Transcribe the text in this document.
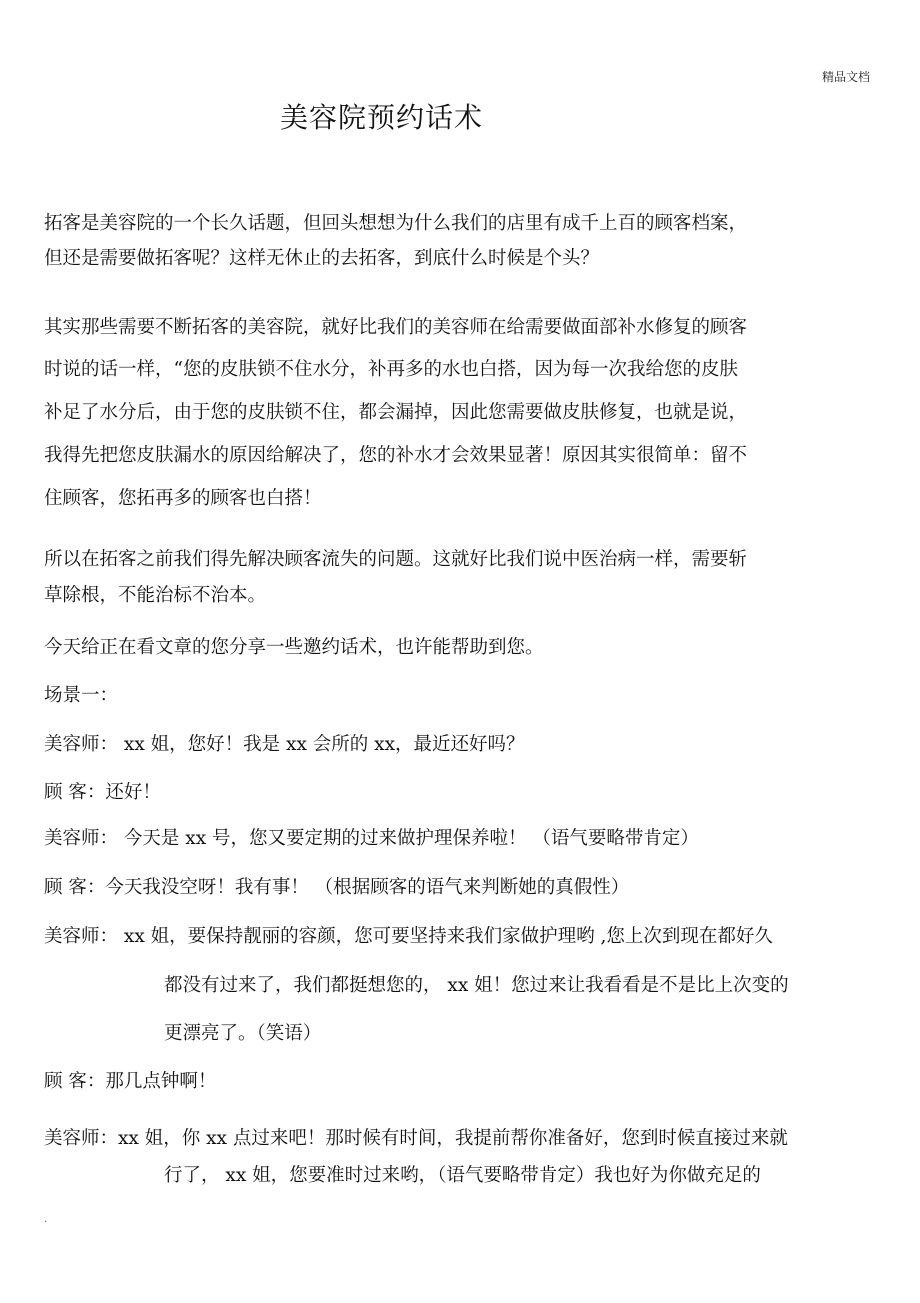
精品文档
美容院预约话术
拓客是美容院的一个长久话题，但回头想想为什么我们的店里有成千上百的顾客档案，
但还是需要做拓客呢？这样无休止的去拓客，到底什么时候是个头？
其实那些需要不断拓客的美容院，就好比我们的美容师在给需要做面部补水修复的顾客
时说的话一样，“您的皮肤锁不住水分，补再多的水也白搭，因为每一次我给您的皮肤
补足了水分后，由于您的皮肤锁不住，都会漏掉，因此您需要做皮肤修复，也就是说，
我得先把您皮肤漏水的原因给解决了，您的补水才会效果显著！原因其实很简单：留不
住顾客，您拓再多的顾客也白搭！
所以在拓客之前我们得先解决顾客流失的问题。这就好比我们说中医治病一样，需要斩
草除根，不能治标不治本。
今天给正在看文章的您分享一些邀约话术，也许能帮助到您。
场景一：
美容师： xx 姐，您好！我是 xx 会所的 xx，最近还好吗？
顾 客：还好！
美容师： 今天是 xx 号，您又要定期的过来做护理保养啦！ （语气要略带肯定）
顾 客：今天我没空呀！我有事！ （根据顾客的语气来判断她的真假性）
美容师： xx 姐，要保持靓丽的容颜，您可要坚持来我们家做护理哟 ,您上次到现在都好久
都没有过来了，我们都挺想您的， xx 姐！您过来让我看看是不是比上次变的
更漂亮了。（笑语）
顾 客：那几点钟啊！
美容师：xx 姐，你 xx 点过来吧！那时候有时间，我提前帮你准备好，您到时候直接过来就
行了， xx 姐，您要准时过来哟，（语气要略带肯定）我也好为你做充足的
.
